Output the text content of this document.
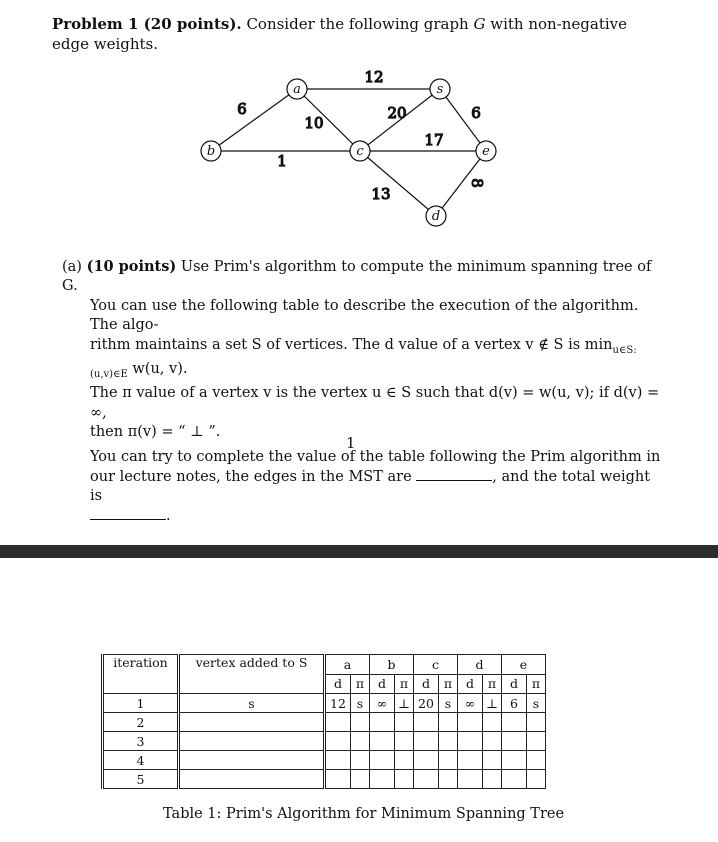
Problem 1 (20 points). Consider the following graph G with non-negative edge weights.
12
9
10
20	6
1
17
13
8
a	s
b	c	e
d
(a) (10 points) Use Prim's algorithm to compute the minimum spanning tree of G.
You can use the following table to describe the execution of the algorithm. The algo-
rithm maintains a set S of vertices. The d value of a vertex v ∉ S is $\min_{u\in S:(u,v)\in E} w(u$, v).
The π value of a vertex v is the vertex u ∈ S such that d(v) = w(u, v); if d(v) = ∞,
then π(v) = “ ⊥ ”.
You can try to complete the value of the table following the Prim algorithm in
our lecture notes, the edges in the MST are	, and the total weight is
.
1
iteration	vertex added to S	a		b		c		d		e	
		d	π	d	π	d	π	d	π	d	π
1	s	12	s	∞	⊥	20	s	∞	⊥	6	s
2											
3											
4											
5											
Table 1: Prim's Algorithm for Minimum Spanning Tree
